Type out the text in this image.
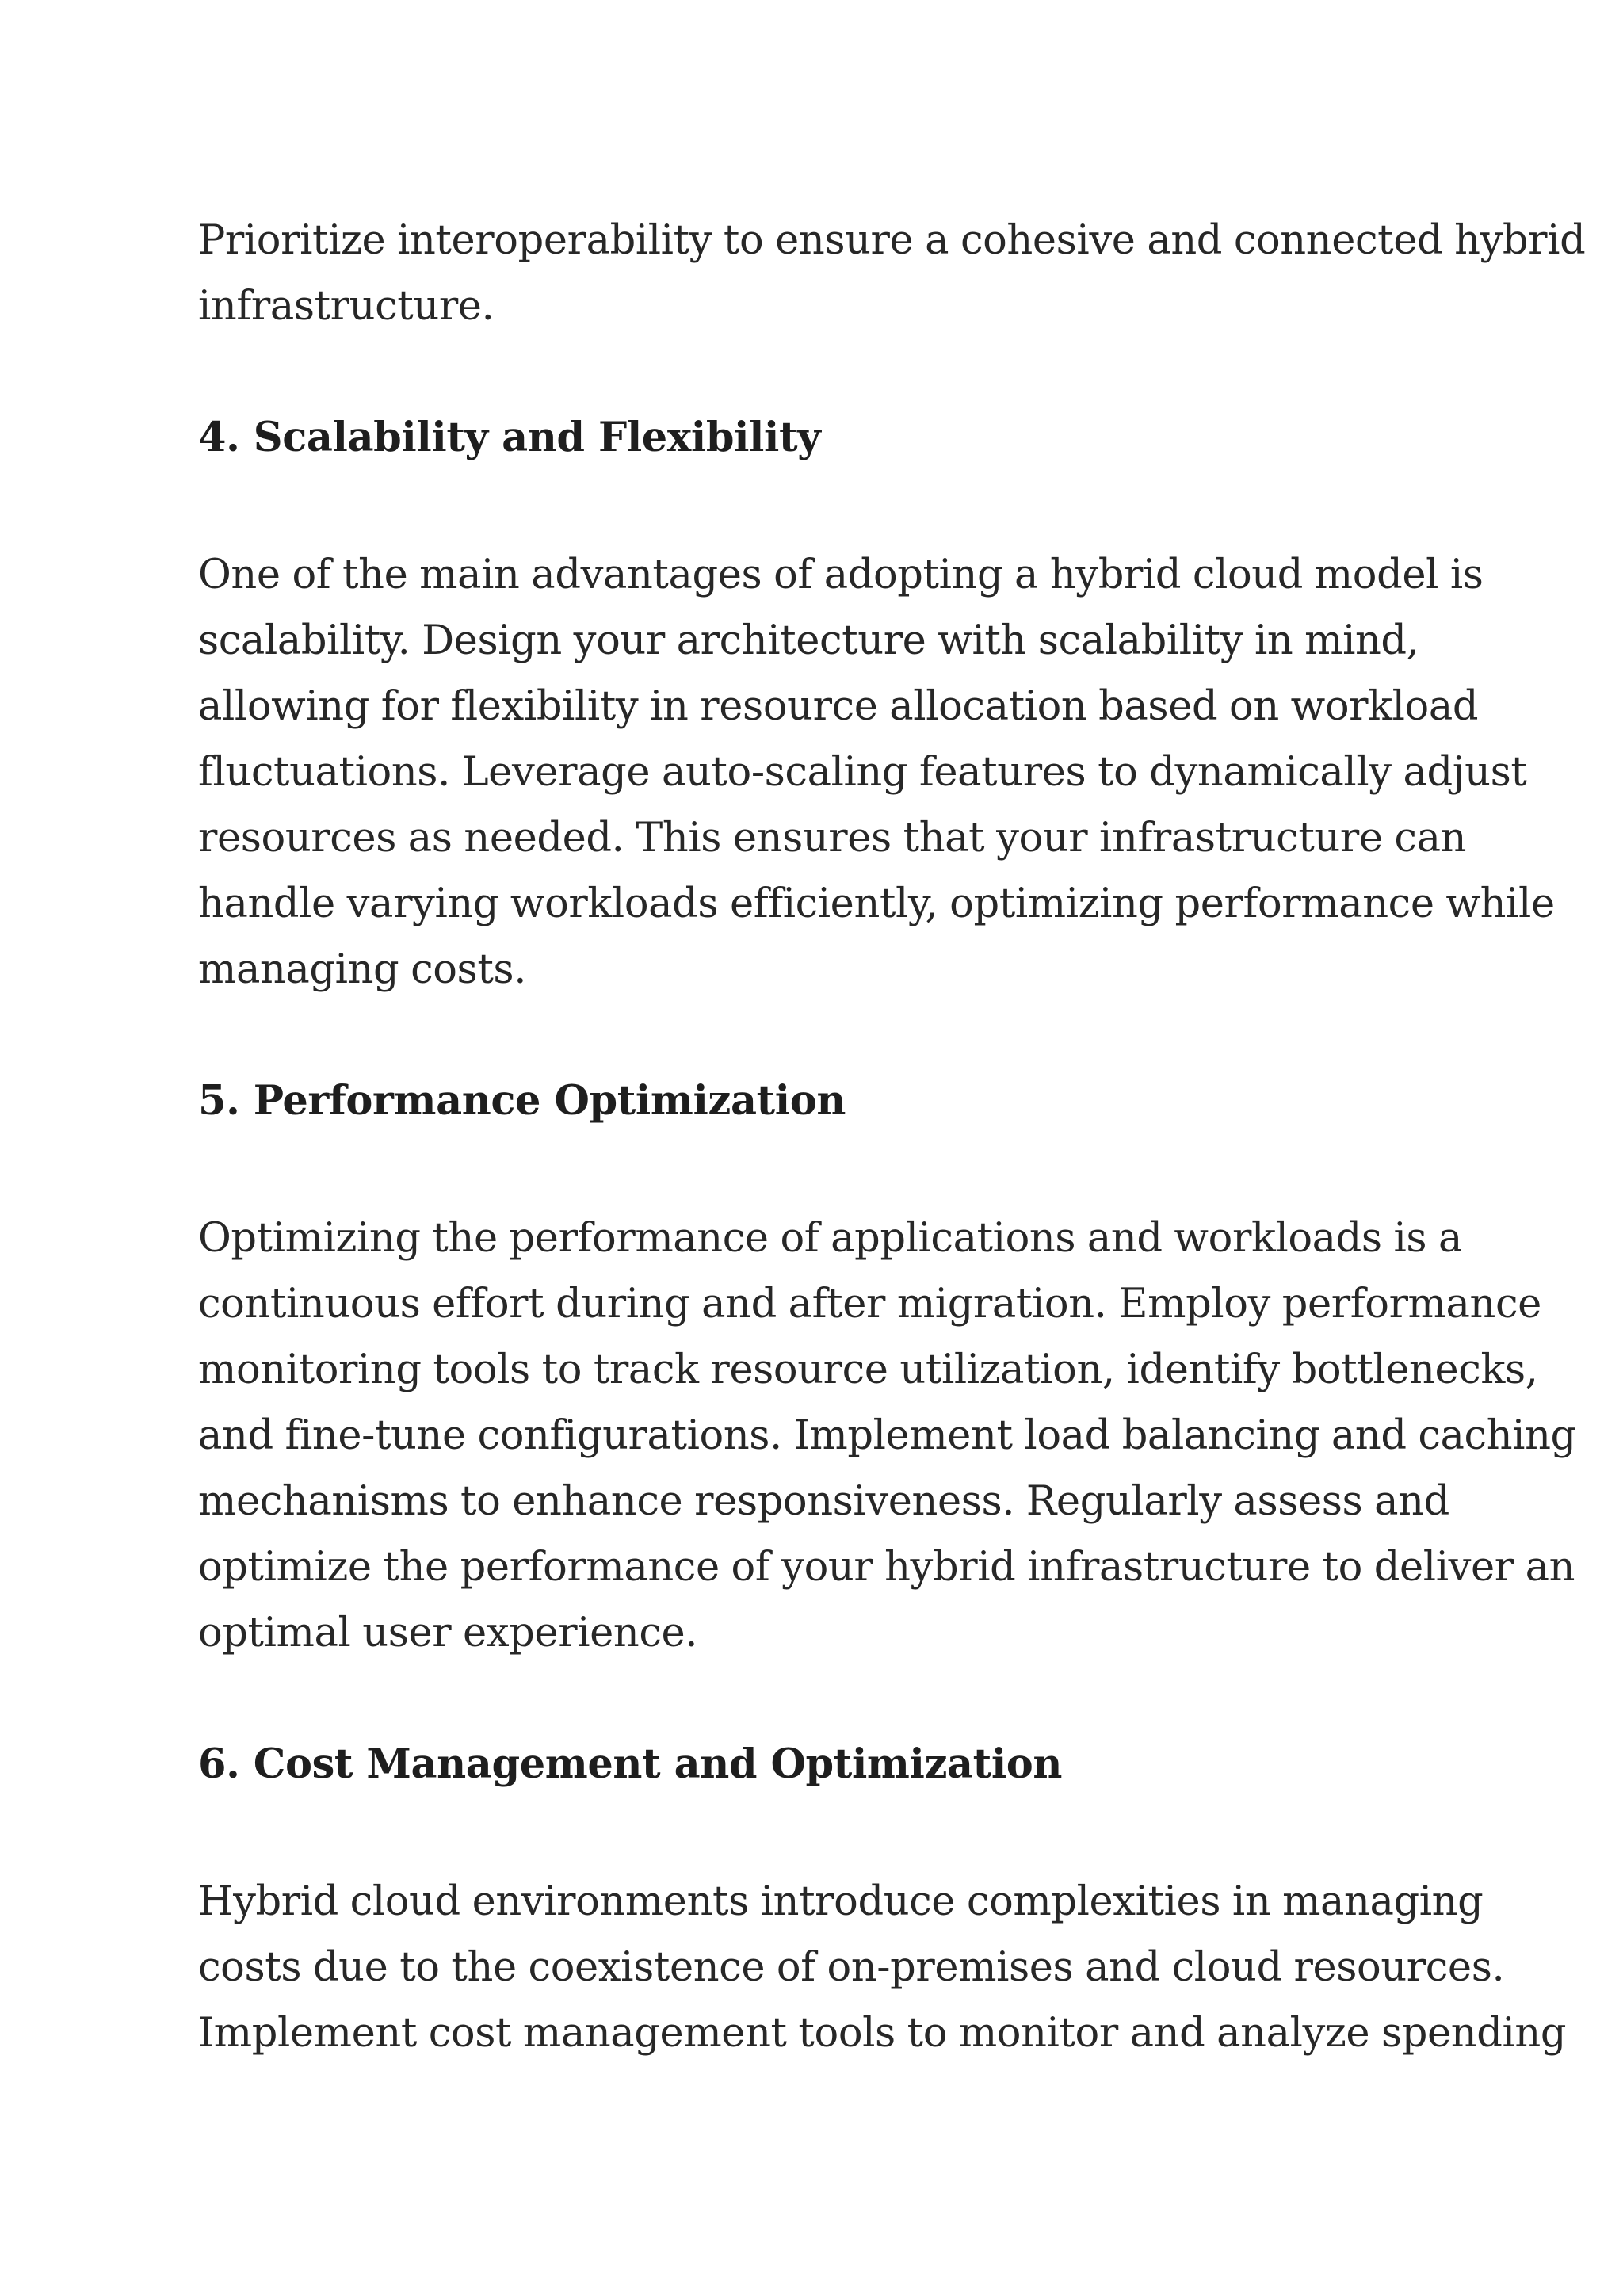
Prioritize interoperability to ensure a cohesive and connected hybrid
infrastructure.

4. Scalability and Flexibility

One of the main advantages of adopting a hybrid cloud model is
scalability. Design your architecture with scalability in mind,
allowing for flexibility in resource allocation based on workload
fluctuations. Leverage auto-scaling features to dynamically adjust
resources as needed. This ensures that your infrastructure can
handle varying workloads efficiently, optimizing performance while
managing costs.

5. Performance Optimization

Optimizing the performance of applications and workloads is a
continuous effort during and after migration. Employ performance
monitoring tools to track resource utilization, identify bottlenecks,
and fine-tune configurations. Implement load balancing and caching
mechanisms to enhance responsiveness. Regularly assess and
optimize the performance of your hybrid infrastructure to deliver an
optimal user experience.

6. Cost Management and Optimization

Hybrid cloud environments introduce complexities in managing
costs due to the coexistence of on-premises and cloud resources.
Implement cost management tools to monitor and analyze spending
